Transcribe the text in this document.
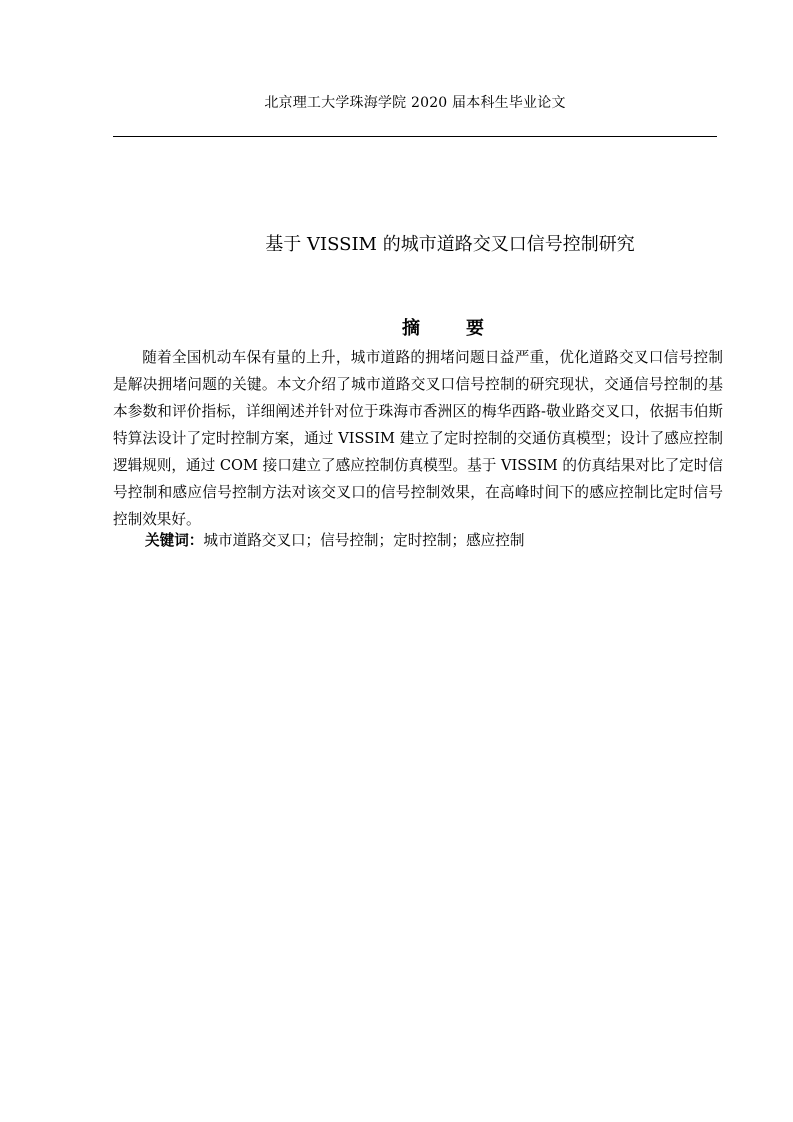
北京理工大学珠海学院 2020 届本科生毕业论文
基于 VISSIM 的城市道路交叉口信号控制研究
摘　要

随着全国机动车保有量的上升，城市道路的拥堵问题日益严重，优化道路交叉口信号控制是解决拥堵问题的关键。本文介绍了城市道路交叉口信号控制的研究现状，交通信号控制的基本参数和评价指标，详细阐述并针对位于珠海市香洲区的梅华西路-敬业路交叉口，依据韦伯斯特算法设计了定时控制方案，通过 VISSIM 建立了定时控制的交通仿真模型；设计了感应控制逻辑规则，通过 COM 接口建立了感应控制仿真模型。基于 VISSIM 的仿真结果对比了定时信号控制和感应信号控制方法对该交叉口的信号控制效果，在高峰时间下的感应控制比定时信号控制效果好。

关键词：城市道路交叉口；信号控制；定时控制；感应控制
